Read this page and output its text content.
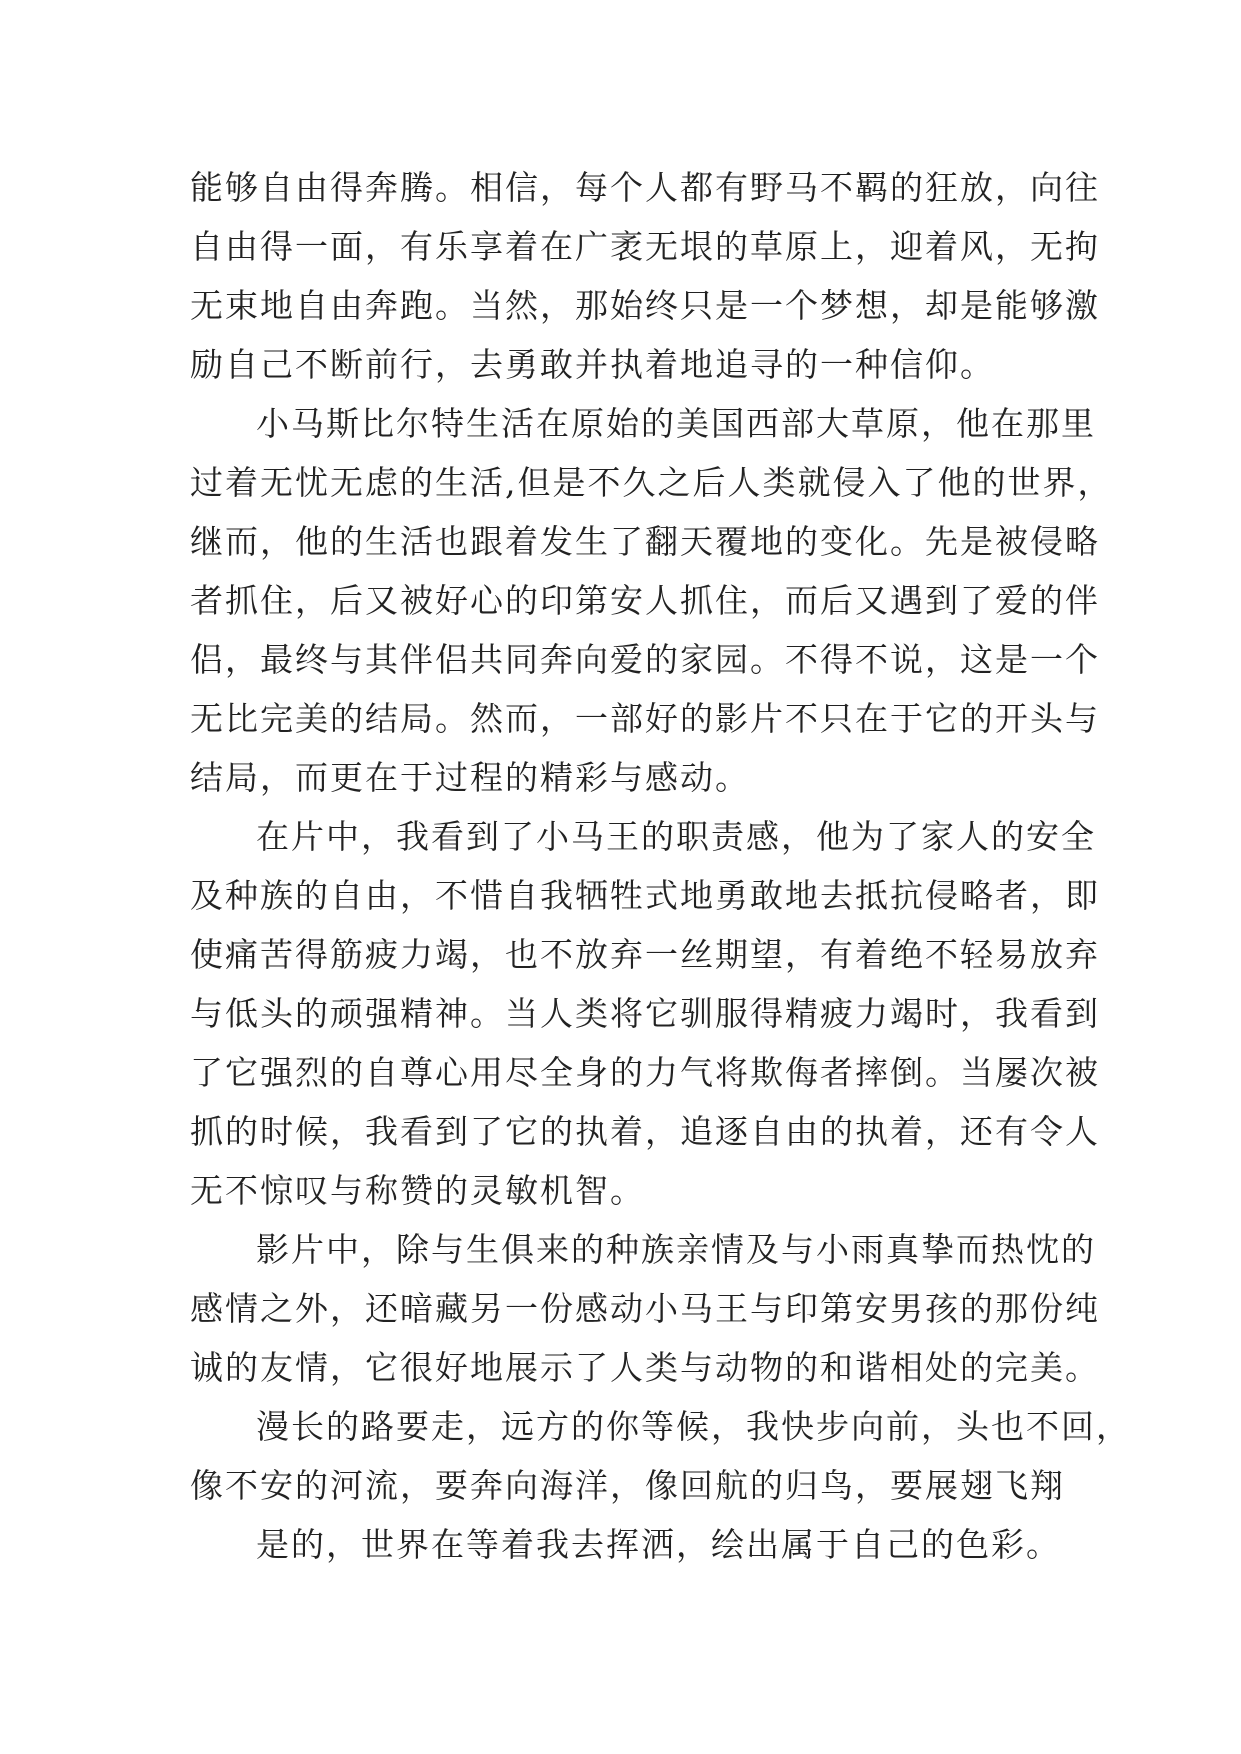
能够自由得奔腾。相信，每个人都有野马不羁的狂放，向往
自由得一面，有乐享着在广袤无垠的草原上，迎着风，无拘
无束地自由奔跑。当然，那始终只是一个梦想，却是能够激
励自己不断前行，去勇敢并执着地追寻的一种信仰。
小马斯比尔特生活在原始的美国西部大草原，他在那里
过着无忧无虑的生活,但是不久之后人类就侵入了他的世界，
继而，他的生活也跟着发生了翻天覆地的变化。先是被侵略
者抓住，后又被好心的印第安人抓住，而后又遇到了爱的伴
侣，最终与其伴侣共同奔向爱的家园。不得不说，这是一个
无比完美的结局。然而，一部好的影片不只在于它的开头与
结局，而更在于过程的精彩与感动。
在片中，我看到了小马王的职责感，他为了家人的安全
及种族的自由，不惜自我牺牲式地勇敢地去抵抗侵略者，即
使痛苦得筋疲力竭，也不放弃一丝期望，有着绝不轻易放弃
与低头的顽强精神。当人类将它驯服得精疲力竭时，我看到
了它强烈的自尊心用尽全身的力气将欺侮者摔倒。当屡次被
抓的时候，我看到了它的执着，追逐自由的执着，还有令人
无不惊叹与称赞的灵敏机智。
影片中，除与生俱来的种族亲情及与小雨真挚而热忱的
感情之外，还暗藏另一份感动小马王与印第安男孩的那份纯
诚的友情，它很好地展示了人类与动物的和谐相处的完美。
漫长的路要走，远方的你等候，我快步向前，头也不回，
像不安的河流，要奔向海洋，像回航的归鸟，要展翅飞翔
是的，世界在等着我去挥洒，绘出属于自己的色彩。
